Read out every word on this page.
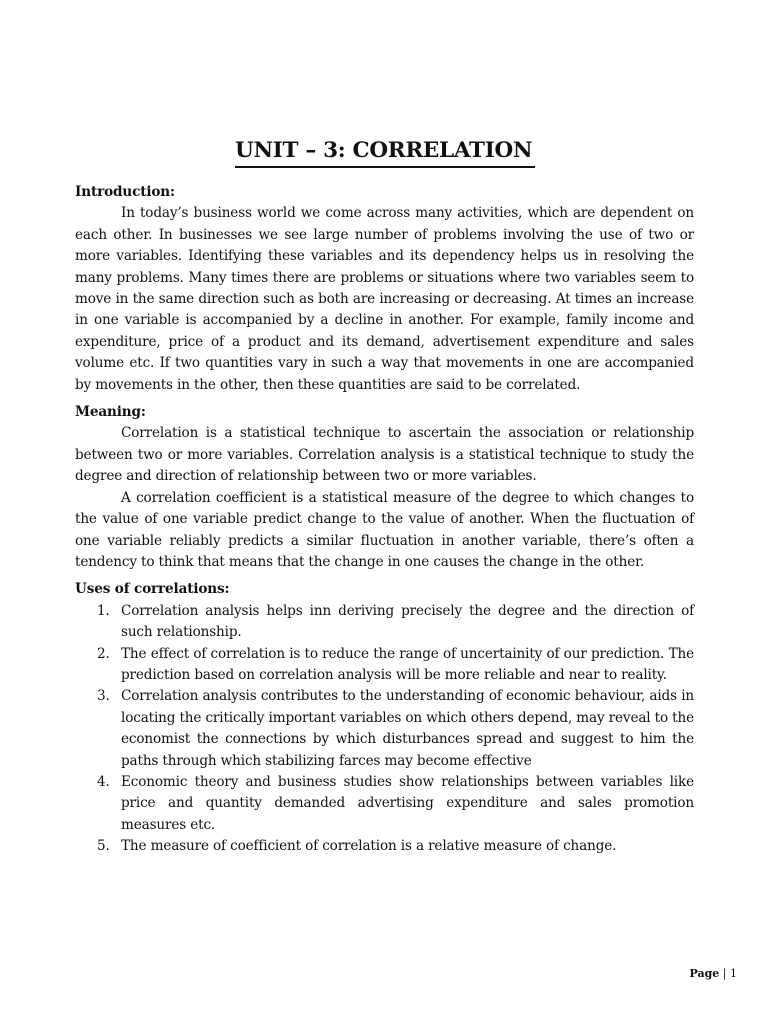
UNIT – 3: CORRELATION

Introduction:

In today’s business world we come across many activities, which are dependent on each other. In businesses we see large number of problems involving the use of two or more variables. Identifying these variables and its dependency helps us in resolving the many problems. Many times there are problems or situations where two variables seem to move in the same direction such as both are increasing or decreasing. At times an increase in one variable is accompanied by a decline in another. For example, family income and expenditure, price of a product and its demand, advertisement expenditure and sales volume etc. If two quantities vary in such a way that movements in one are accompanied by movements in the other, then these quantities are said to be correlated.

Meaning:

Correlation is a statistical technique to ascertain the association or relationship between two or more variables. Correlation analysis is a statistical technique to study the degree and direction of relationship between two or more variables.

A correlation coefficient is a statistical measure of the degree to which changes to the value of one variable predict change to the value of another. When the fluctuation of one variable reliably predicts a similar fluctuation in another variable, there’s often a tendency to think that means that the change in one causes the change in the other.

Uses of correlations:

1. Correlation analysis helps inn deriving precisely the degree and the direction of such relationship.
2. The effect of correlation is to reduce the range of uncertainity of our prediction. The prediction based on correlation analysis will be more reliable and near to reality.
3. Correlation analysis contributes to the understanding of economic behaviour, aids in locating the critically important variables on which others depend, may reveal to the economist the connections by which disturbances spread and suggest to him the paths through which stabilizing farces may become effective
4. Economic theory and business studies show relationships between variables like price and quantity demanded advertising expenditure and sales promotion measures etc.
5. The measure of coefficient of correlation is a relative measure of change.
Page | 1
